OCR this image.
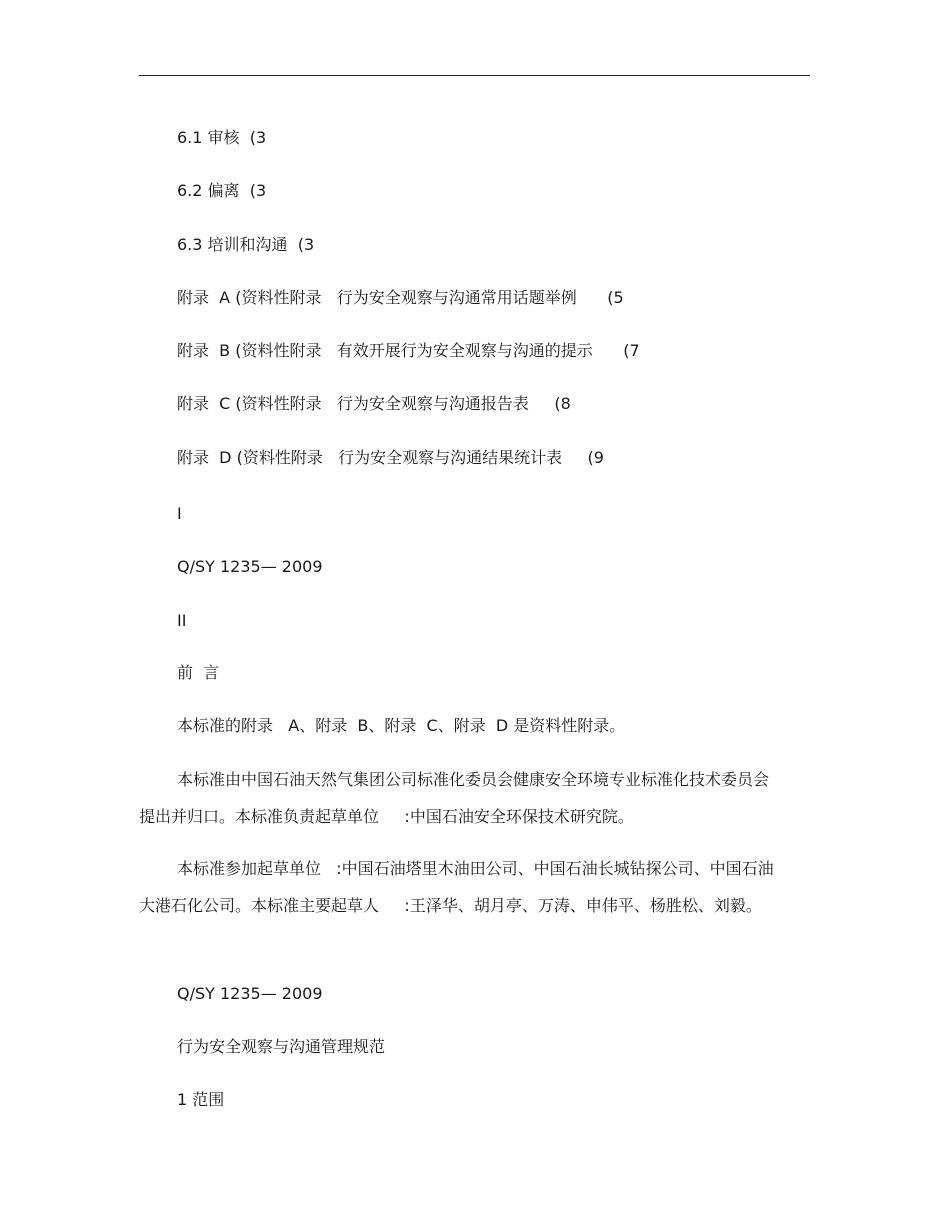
6.1 审核  (3
6.2 偏离  (3
6.3 培训和沟通  (3
附录  A (资料性附录   行为安全观察与沟通常用话题举例      (5
附录  B (资料性附录   有效开展行为安全观察与沟通的提示      (7
附录  C (资料性附录   行为安全观察与沟通报告表     (8
附录  D (资料性附录   行为安全观察与沟通结果统计表     (9
I
Q/SY 1235— 2009
II
前  言
本标准的附录   A、附录  B、附录  C、附录  D 是资料性附录。
本标准由中国石油天然气集团公司标准化委员会健康安全环境专业标准化技术委员会提出并归口。本标准负责起草单位     :中国石油安全环保技术研究院。
本标准参加起草单位   :中国石油塔里木油田公司、中国石油长城钻探公司、中国石油大港石化公司。本标准主要起草人     :王泽华、胡月亭、万涛、申伟平、杨胜松、刘毅。
Q/SY 1235— 2009
行为安全观察与沟通管理规范
1 范围
